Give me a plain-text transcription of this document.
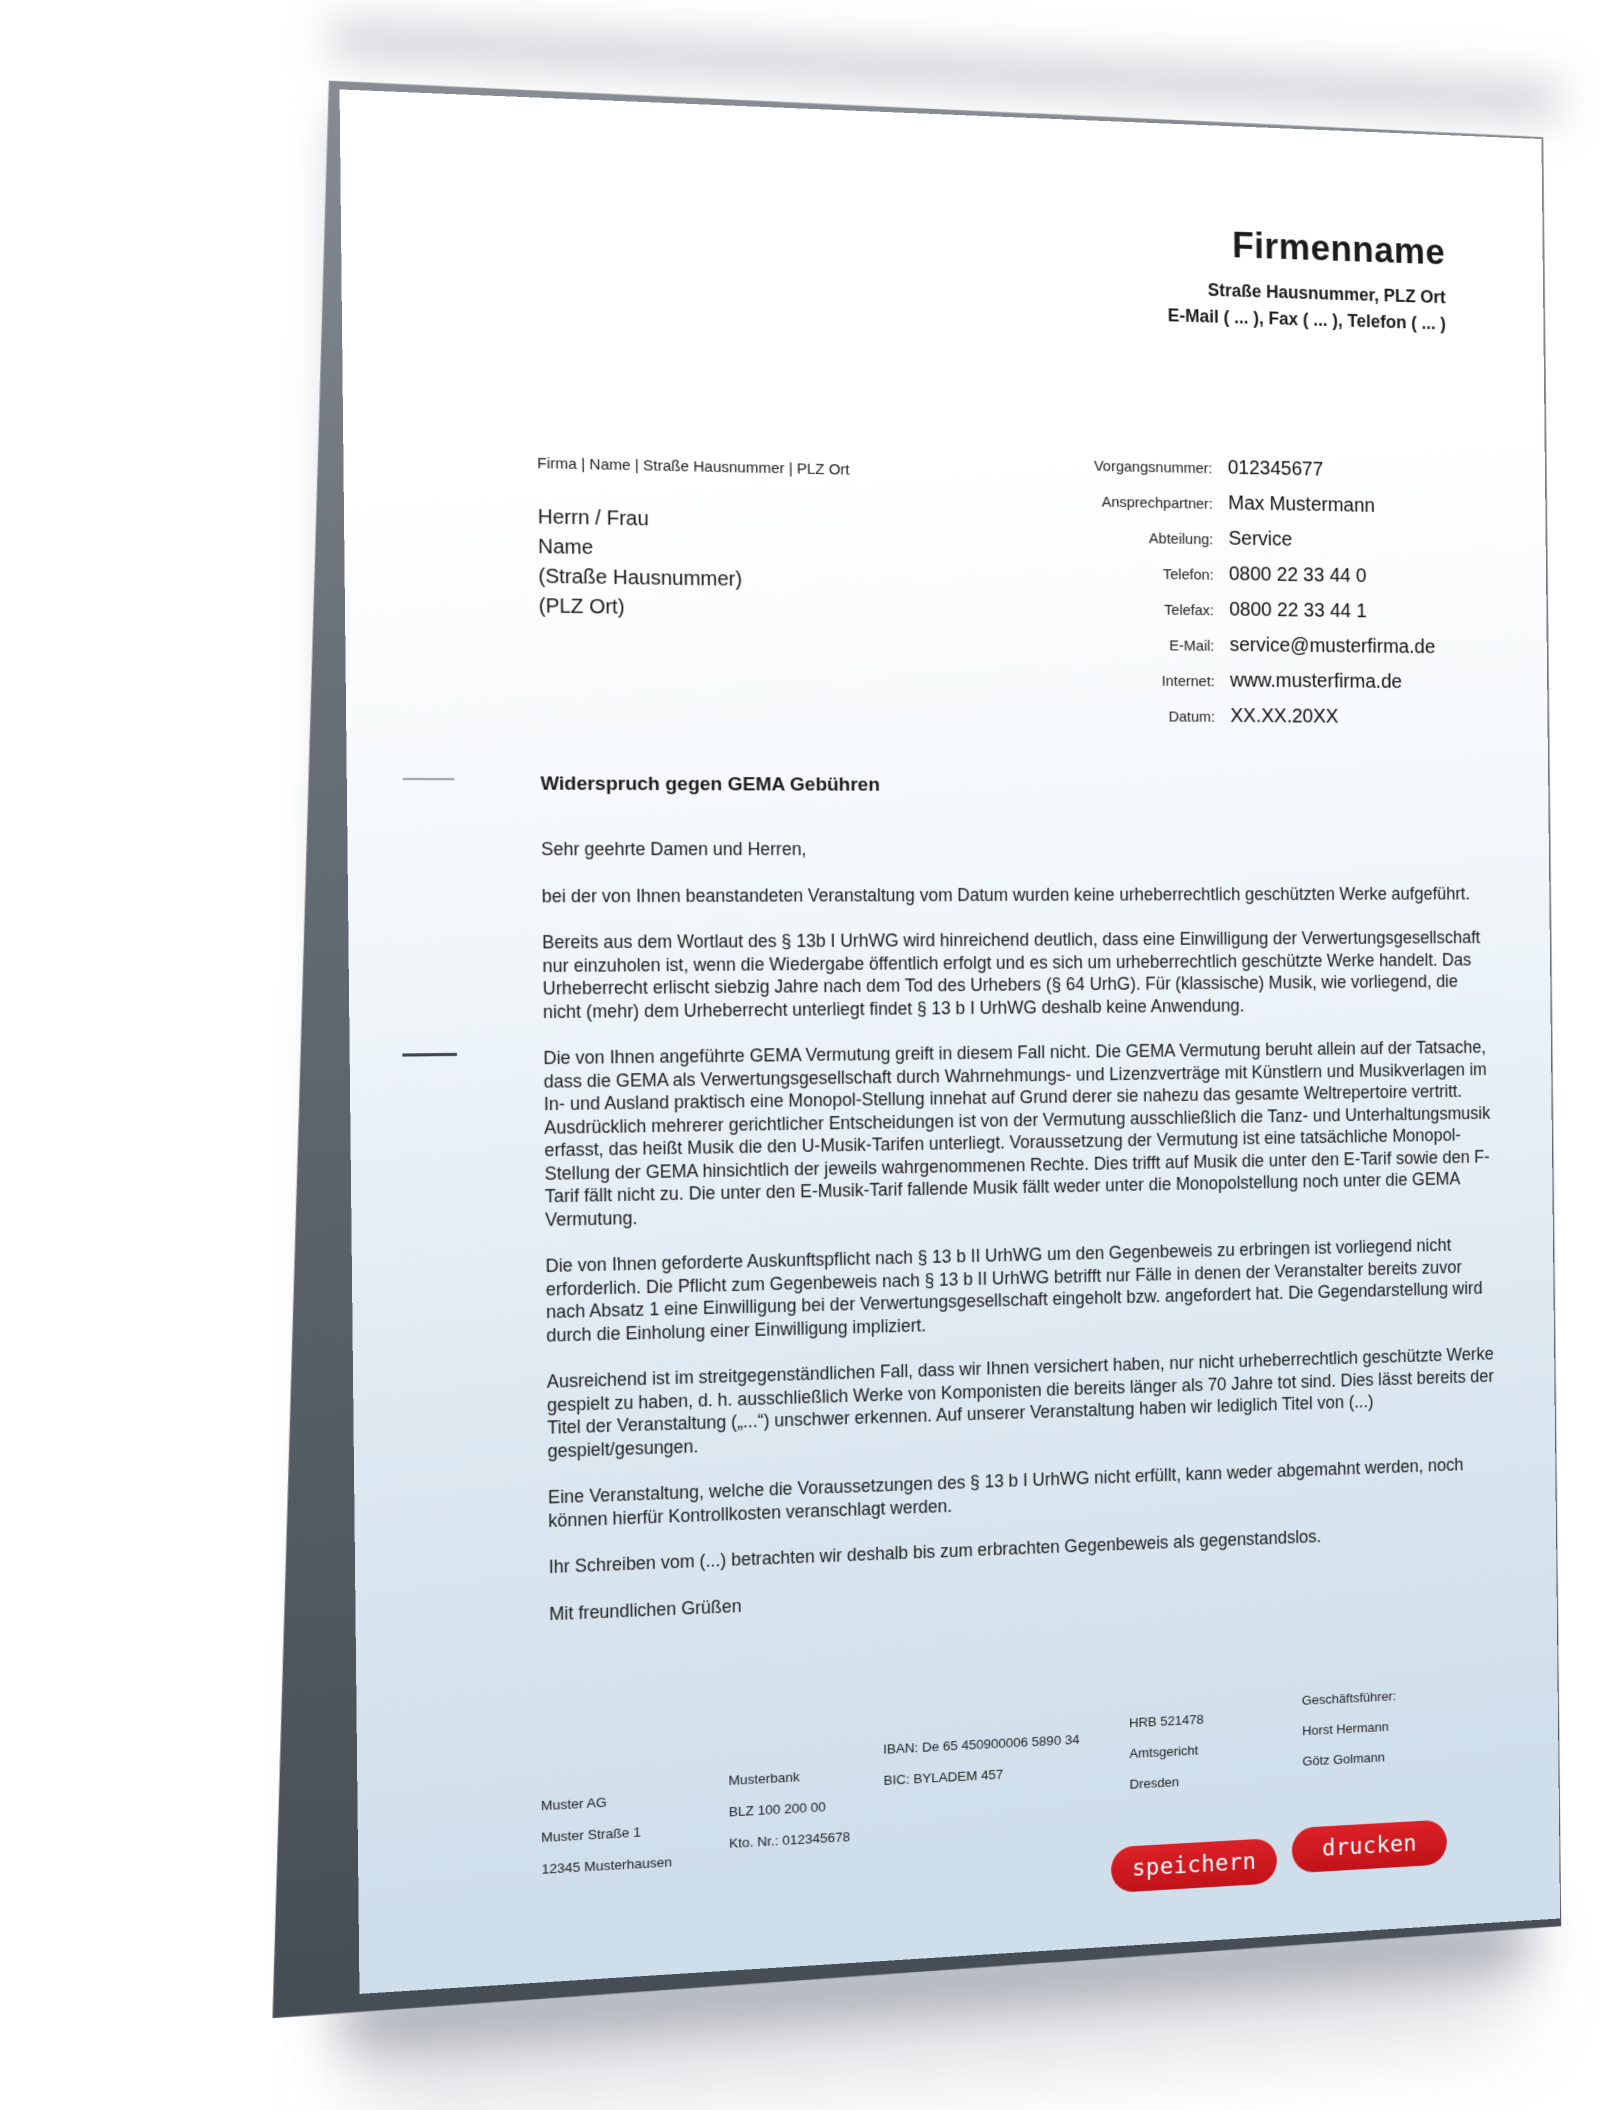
Firmenname
Straße Hausnummer, PLZ Ort
E-Mail ( ... ), Fax ( ... ), Telefon ( ... )
Firma | Name | Straße Hausnummer | PLZ Ort
Herrn / Frau
Name
(Straße Hausnummer)
(PLZ Ort)
Vorgangsnummer: 012345677
Ansprechpartner: Max Mustermann
Abteilung: Service
Telefon: 0800 22 33 44 0
Telefax: 0800 22 33 44 1
E-Mail: service@musterfirma.de
Internet: www.musterfirma.de
Datum: XX.XX.20XX
Widerspruch gegen GEMA Gebühren

Sehr geehrte Damen und Herren,

bei der von Ihnen beanstandeten Veranstaltung vom Datum wurden keine urheberrechtlich geschützten Werke aufgeführt.

Bereits aus dem Wortlaut des § 13b I UrhWG wird hinreichend deutlich, dass eine Einwilligung der Verwertungsgesellschaft nur einzuholen ist, wenn die Wiedergabe öffentlich erfolgt und es sich um urheberrechtlich geschützte Werke handelt. Das Urheberrecht erlischt siebzig Jahre nach dem Tod des Urhebers (§ 64 UrhG). Für (klassische) Musik, wie vorliegend, die nicht (mehr) dem Urheberrecht unterliegt findet § 13 b I UrhWG deshalb keine Anwendung.

Die von Ihnen angeführte GEMA Vermutung greift in diesem Fall nicht. Die GEMA Vermutung beruht allein auf der Tatsache, dass die GEMA als Verwertungsgesellschaft durch Wahrnehmungs- und Lizenzverträge mit Künstlern und Musikverlagen im In- und Ausland praktisch eine Monopol-Stellung innehat auf Grund derer sie nahezu das gesamte Weltrepertoire vertritt. Ausdrücklich mehrerer gerichtlicher Entscheidungen ist von der Vermutung ausschließlich die Tanz- und Unterhaltungsmusik erfasst, das heißt Musik die den U-Musik-Tarifen unterliegt. Voraussetzung der Vermutung ist eine tatsächliche Monopol-Stellung der GEMA hinsichtlich der jeweils wahrgenommenen Rechte. Dies trifft auf Musik die unter den E-Tarif sowie den F-Tarif fällt nicht zu. Die unter den E-Musik-Tarif fallende Musik fällt weder unter die Monopolstellung noch unter die GEMA Vermutung.

Die von Ihnen geforderte Auskunftspflicht nach § 13 b II UrhWG um den Gegenbeweis zu erbringen ist vorliegend nicht erforderlich. Die Pflicht zum Gegenbeweis nach § 13 b II UrhWG betrifft nur Fälle in denen der Veranstalter bereits zuvor nach Absatz 1 eine Einwilligung bei der Verwertungsgesellschaft eingeholt bzw. angefordert hat. Die Gegendarstellung wird durch die Einholung einer Einwilligung impliziert.

Ausreichend ist im streitgegenständlichen Fall, dass wir Ihnen versichert haben, nur nicht urheberrechtlich geschützte Werke gespielt zu haben, d. h. ausschließlich Werke von Komponisten die bereits länger als 70 Jahre tot sind. Dies lässt bereits der Titel der Veranstaltung („...“) unschwer erkennen. Auf unserer Veranstaltung haben wir lediglich Titel von (...) gespielt/gesungen.

Eine Veranstaltung, welche die Voraussetzungen des § 13 b I UrhWG nicht erfüllt, kann weder abgemahnt werden, noch können hierfür Kontrollkosten veranschlagt werden.

Ihr Schreiben vom (...) betrachten wir deshalb bis zum erbrachten Gegenbeweis als gegenstandslos.

Mit freundlichen Grüßen

Muster AG
Muster Straße 1
12345 Musterhausen
Musterbank
BLZ 100 200 00
Kto. Nr.: 012345678
IBAN: De 65 450900006 5890 34
BIC: BYLADEM 457
HRB 521478
Amtsgericht
Dresden
Geschäftsführer:
Horst Hermann
Götz Golmann
speichern
drucken
